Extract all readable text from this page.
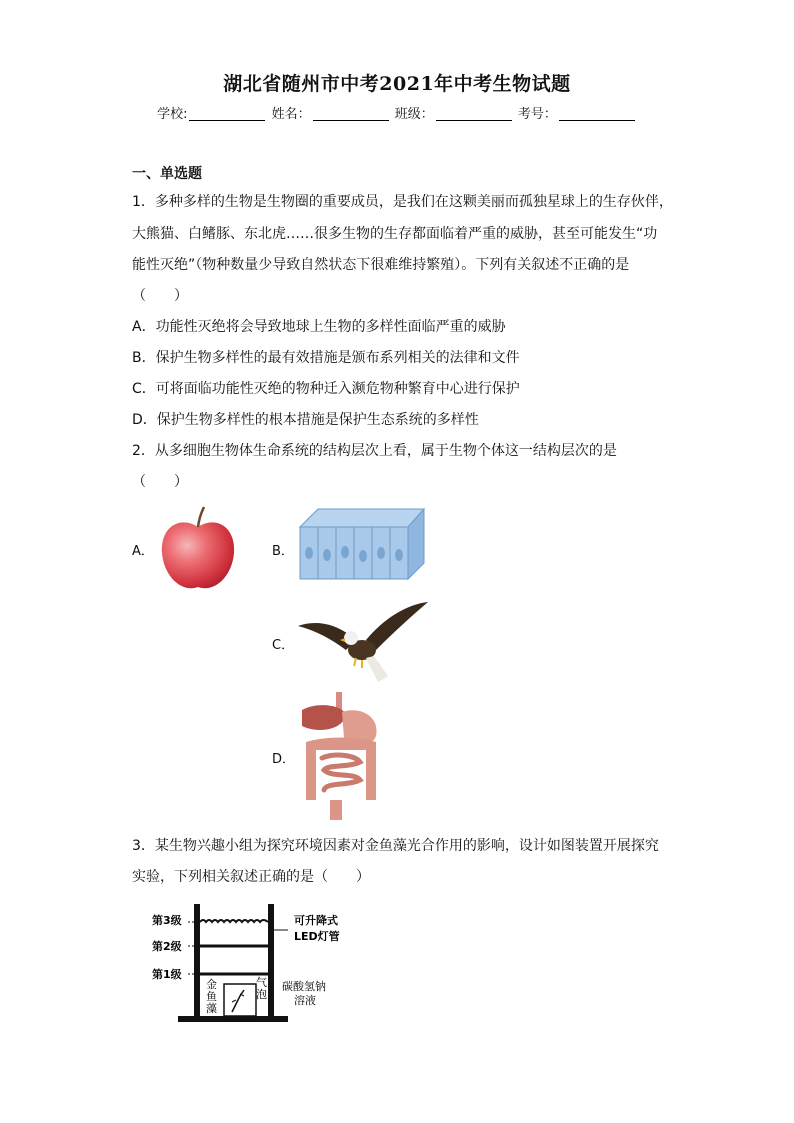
湖北省随州市中考2021年中考生物试题
学校:	姓名：	班级：	考号：
一、单选题
1．多种多样的生物是生物圈的重要成员，是我们在这颗美丽而孤独星球上的生存伙伴，
大熊猫、白鳍豚、东北虎……很多生物的生存都面临着严重的威胁，甚至可能发生“功
能性灭绝”（物种数量少导致自然状态下很难维持繁殖）。下列有关叙述不正确的是
（　　）
A．功能性灭绝将会导致地球上生物的多样性面临严重的威胁
B．保护生物多样性的最有效措施是颁布系列相关的法律和文件
C．可将面临功能性灭绝的物种迁入濒危物种繁育中心进行保护
D．保护生物多样性的根本措施是保护生态系统的多样性
2．从多细胞生物体生命系统的结构层次上看，属于生物个体这一结构层次的是
（　　）
A．	B．
C．
D．
3．某生物兴趣小组为探究环境因素对金鱼藻光合作用的影响，设计如图装置开展探究
实验，下列相关叙述正确的是（　　）
第3级
第2级
第1级
可升降式
LED灯管
金
鱼
藻
气
泡
碳酸氢钠
溶液
